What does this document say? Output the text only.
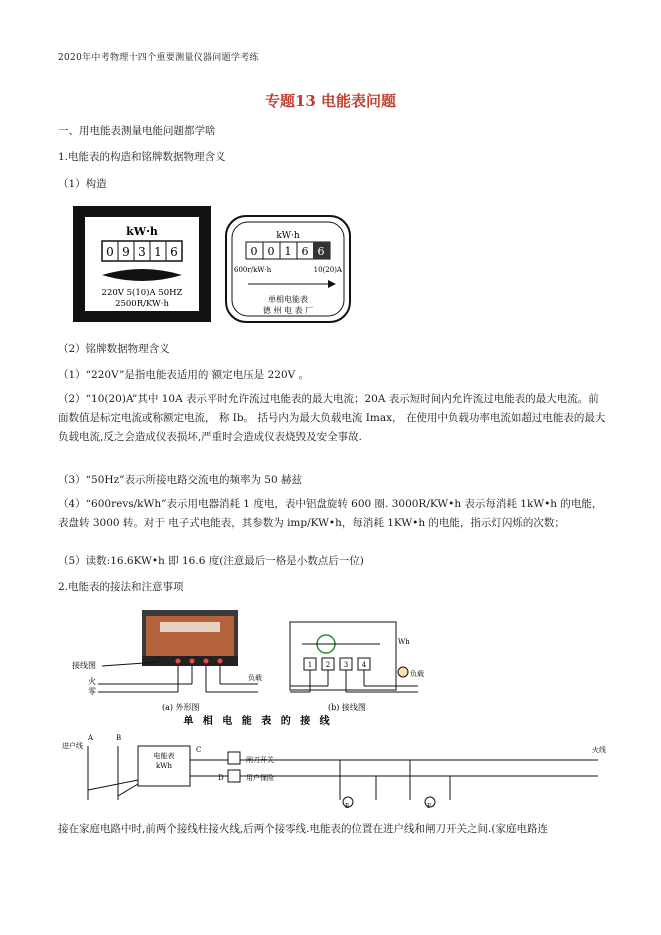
2020年中考物理十四个重要测量仪器问题学考练
专题13 电能表问题
一、用电能表测量电能问题都学啥
1.电能表的构造和铭牌数据物理含义
（1）构造
kW·h
0 9 3 1 6
220V 5(10)A 50HZ
2500R/KW·h
kW·h
0 0 1 6 6
600r/kW·h	10(20)A
单相电能表
德 州 电 表 厂
（2）铭牌数据物理含义
（1）“220V”是指电能表适用的 额定电压是 220V 。
（2）“10(20)A”其中 10A 表示平时允许流过电能表的最大电流；20A 表示短时间内允许流过电能表的最大电流。前面数值是标定电流或称额定电流， 称 Ib。 括号内为最大负载电流 Imax， 在使用中负载功率电流如超过电能表的最大负载电流,反之会造成仪表损坏,严重时会造成仪表烧毁及安全事故.
（3）“50Hz”表示所接电路交流电的频率为 50 赫兹
（4）“600revs/kWh”表示用电器消耗 1 度电，表中铝盘旋转 600 圈. 3000R/KW•h 表示每消耗 1kW•h 的电能，表盘转 3000 转。对于 电子式电能表，其参数为 imp/KW•h，每消耗 1KW•h 的电能，指示灯闪烁的次数；
（5）读数:16.6KW•h 即 16.6 度(注意最后一格是小数点后一位)
2.电能表的接法和注意事项
接线图
火
零
负载
(a) 外形图
Wh
1 2 3 4
负载
(b) 接线图
单 相 电 能 表 的 接 线
进户线
A	B
电能表
kWh
C
闸刀开关
用户保险
D
火线
E	F
接在家庭电路中时,前两个接线柱接火线,后两个接零线.电能表的位置在进户线和闸刀开关之间.(家庭电路连
